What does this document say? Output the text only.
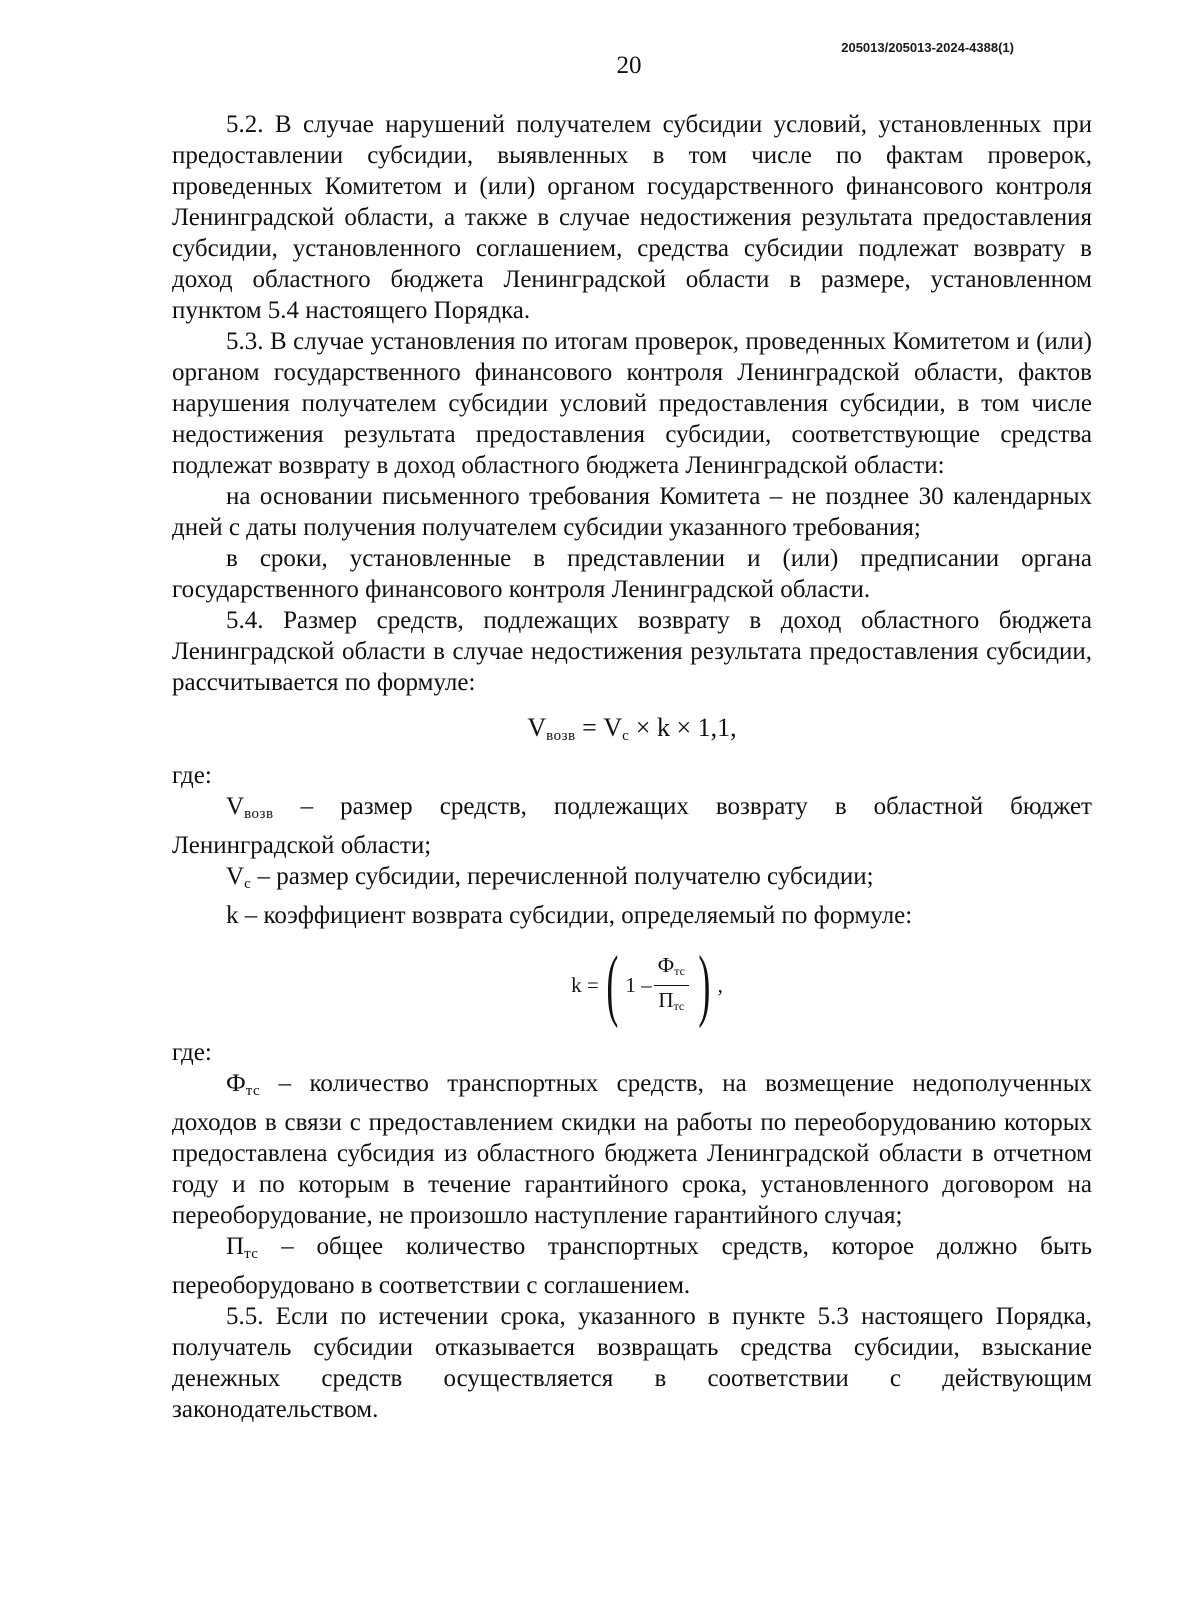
205013/205013-2024-4388(1)
20

5.2. В случае нарушений получателем субсидии условий, установленных при предоставлении субсидии, выявленных в том числе по фактам проверок, проведенных Комитетом и (или) органом государственного финансового контроля Ленинградской области, а также в случае недостижения результата предоставления субсидии, установленного соглашением, средства субсидии подлежат возврату в доход областного бюджета Ленинградской области в размере, установленном пунктом 5.4 настоящего Порядка.

5.3. В случае установления по итогам проверок, проведенных Комитетом и (или) органом государственного финансового контроля Ленинградской области, фактов нарушения получателем субсидии условий предоставления субсидии, в том числе недостижения результата предоставления субсидии, соответствующие средства подлежат возврату в доход областного бюджета Ленинградской области:

на основании письменного требования Комитета – не позднее 30 календарных дней с даты получения получателем субсидии указанного требования;

в сроки, установленные в представлении и (или) предписании органа государственного финансового контроля Ленинградской области.

5.4. Размер средств, подлежащих возврату в доход областного бюджета Ленинградской области в случае недостижения результата предоставления субсидии, рассчитывается по формуле:

$V_{возв} = V_с \times k \times 1,1$,

где:

$V_{возв}$ – размер средств, подлежащих возврату в областной бюджет Ленинградской области;

$V_с$ – размер субсидии, перечисленной получателю субсидии;

k – коэффициент возврата субсидии, определяемый по формуле:

k = ( $1 - \frac{\text{Фтс}}{\text{Птс}}$ ) ,

где:

$Ф_{тс}$ – количество транспортных средств, на возмещение недополученных доходов в связи с предоставлением скидки на работы по переоборудованию которых предоставлена субсидия из областного бюджета Ленинградской области в отчетном году и по которым в течение гарантийного срока, установленного договором на переоборудование, не произошло наступление гарантийного случая;

$П_{тс}$ – общее количество транспортных средств, которое должно быть переоборудовано в соответствии с соглашением.

5.5. Если по истечении срока, указанного в пункте 5.3 настоящего Порядка, получатель субсидии отказывается возвращать средства субсидии, взыскание денежных средств осуществляется в соответствии с действующим законодательством.
